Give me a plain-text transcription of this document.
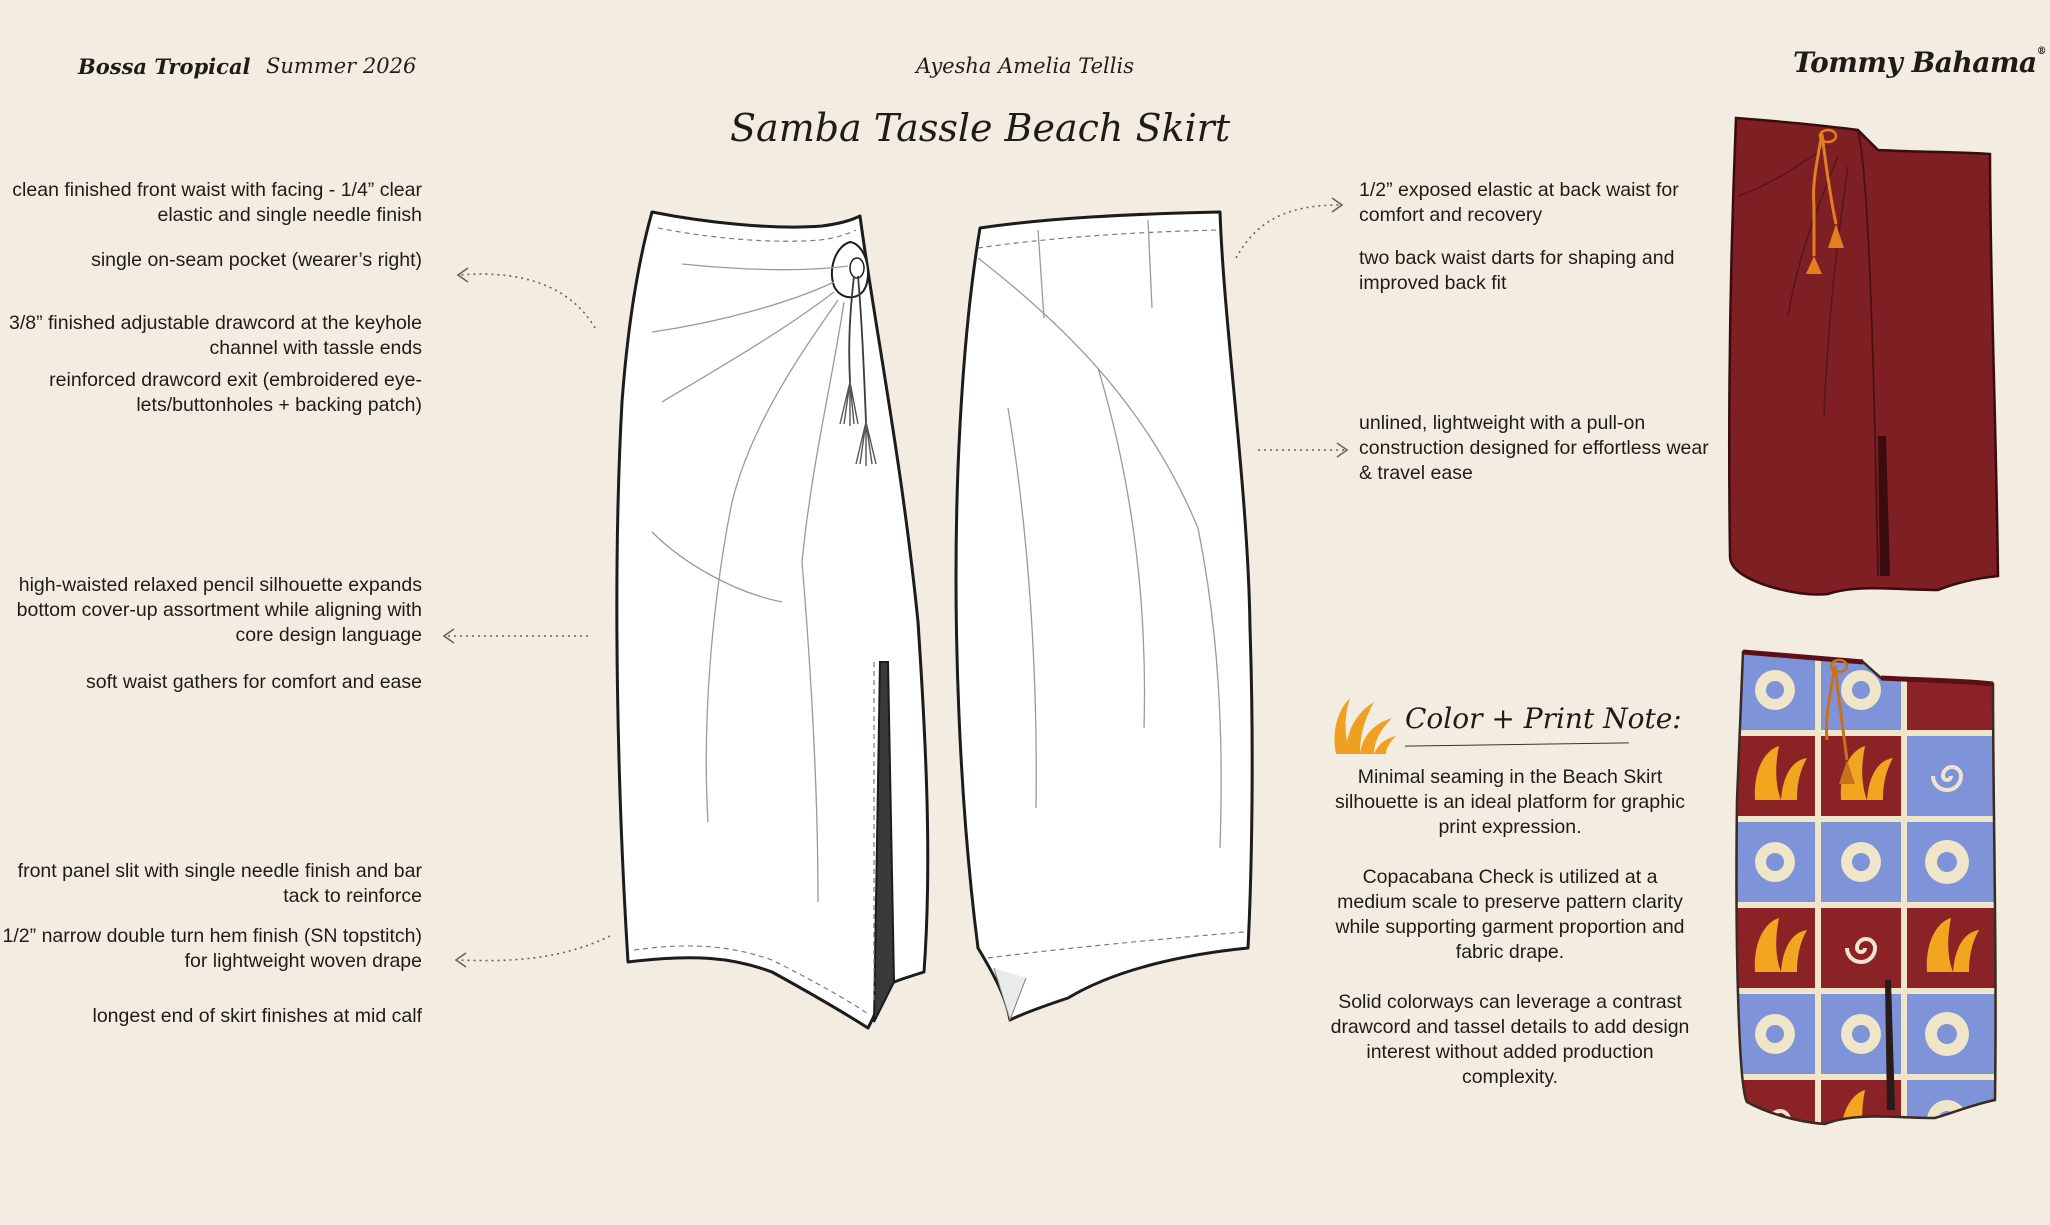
Bossa Tropical Summer 2026	Ayesha Amelia Tellis	Tommy Bahama®
Samba Tassle Beach Skirt
clean finished front waist with facing - 1/4” clear elastic and single needle finish
single on-seam pocket (wearer’s right)
3/8” finished adjustable drawcord at the keyhole channel with tassle ends
reinforced drawcord exit (embroidered eye-lets/buttonholes + backing patch)
high-waisted relaxed pencil silhouette expands bottom cover-up assortment while aligning with core design language
soft waist gathers for comfort and ease
front panel slit with single needle finish and bar tack to reinforce
1/2” narrow double turn hem finish (SN topstitch) for lightweight woven drape
longest end of skirt finishes at mid calf
1/2” exposed elastic at back waist for comfort and recovery
two back waist darts for shaping and improved back fit
unlined, lightweight with a pull-on construction designed for effortless wear & travel ease
Color + Print Note:
Minimal seaming in the Beach Skirt silhouette is an ideal platform for graphic print expression.
Copacabana Check is utilized at a medium scale to preserve pattern clarity while supporting garment proportion and fabric drape.
Solid colorways can leverage a contrast drawcord and tassel details to add design interest without added production complexity.
